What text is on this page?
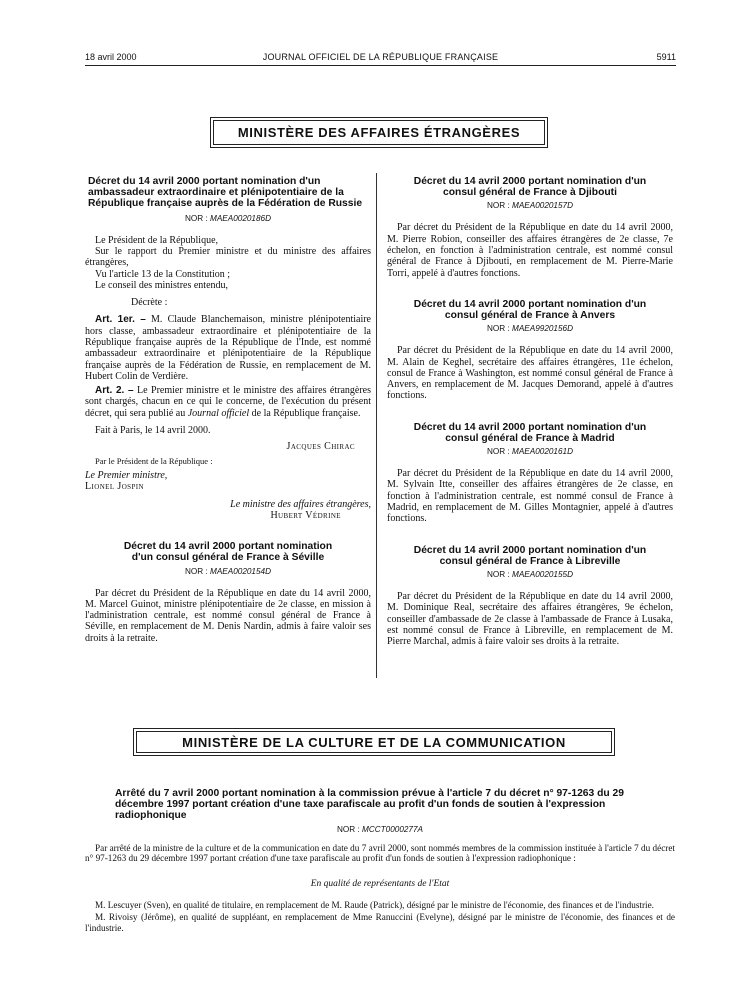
18 avril 2000	JOURNAL OFFICIEL DE LA RÉPUBLIQUE FRANÇAISE	5911
MINISTÈRE DES AFFAIRES ÉTRANGÈRES
Décret du 14 avril 2000 portant nomination d'un ambassadeur extraordinaire et plénipotentiaire de la République française auprès de la Fédération de Russie
NOR : MAEA0020186D
Le Président de la République,
Sur le rapport du Premier ministre et du ministre des affaires étrangères,
Vu l'article 13 de la Constitution ;
Le conseil des ministres entendu,
Décrète :
Art. 1er. – M. Claude Blanchemaison, ministre plénipotentiaire hors classe, ambassadeur extraordinaire et plénipotentiaire de la République française auprès de la République de l'Inde, est nommé ambassadeur extraordinaire et plénipotentiaire de la République française auprès de la Fédération de Russie, en remplacement de M. Hubert Colin de Verdière.
Art. 2. – Le Premier ministre et le ministre des affaires étrangères sont chargés, chacun en ce qui le concerne, de l'exécution du présent décret, qui sera publié au Journal officiel de la République française.
Fait à Paris, le 14 avril 2000.
Jacques Chirac
Par le Président de la République :
Le Premier ministre,
Lionel Jospin
Le ministre des affaires étrangères,
Hubert Védrine
Décret du 14 avril 2000 portant nomination d'un consul général de France à Séville
NOR : MAEA0020154D
Par décret du Président de la République en date du 14 avril 2000, M. Marcel Guinot, ministre plénipotentiaire de 2e classe, en mission à l'administration centrale, est nommé consul général de France à Séville, en remplacement de M. Denis Nardin, admis à faire valoir ses droits à la retraite.
Décret du 14 avril 2000 portant nomination d'un consul général de France à Djibouti
NOR : MAEA0020157D
Par décret du Président de la République en date du 14 avril 2000, M. Pierre Robion, conseiller des affaires étrangères de 2e classe, 7e échelon, en fonction à l'administration centrale, est nommé consul général de France à Djibouti, en remplacement de M. Pierre-Marie Torri, appelé à d'autres fonctions.
Décret du 14 avril 2000 portant nomination d'un consul général de France à Anvers
NOR : MAEA9920156D
Par décret du Président de la République en date du 14 avril 2000, M. Alain de Keghel, secrétaire des affaires étrangères, 11e échelon, consul de France à Washington, est nommé consul général de France à Anvers, en remplacement de M. Jacques Demorand, appelé à d'autres fonctions.
Décret du 14 avril 2000 portant nomination d'un consul général de France à Madrid
NOR : MAEA0020161D
Par décret du Président de la République en date du 14 avril 2000, M. Sylvain Itte, conseiller des affaires étrangères de 2e classe, en fonction à l'administration centrale, est nommé consul de France à Madrid, en remplacement de M. Gilles Montagnier, appelé à d'autres fonctions.
Décret du 14 avril 2000 portant nomination d'un consul général de France à Libreville
NOR : MAEA0020155D
Par décret du Président de la République en date du 14 avril 2000, M. Dominique Real, secrétaire des affaires étrangères, 9e échelon, conseiller d'ambassade de 2e classe à l'ambassade de France à Lusaka, est nommé consul de France à Libreville, en remplacement de M. Pierre Marchal, admis à faire valoir ses droits à la retraite.
MINISTÈRE DE LA CULTURE ET DE LA COMMUNICATION
Arrêté du 7 avril 2000 portant nomination à la commission prévue à l'article 7 du décret n° 97-1263 du 29 décembre 1997 portant création d'une taxe parafiscale au profit d'un fonds de soutien à l'expression radiophonique
NOR : MCCT0000277A
Par arrêté de la ministre de la culture et de la communication en date du 7 avril 2000, sont nommés membres de la commission instituée à l'article 7 du décret n° 97-1263 du 29 décembre 1997 portant création d'une taxe parafiscale au profit d'un fonds de soutien à l'expression radiophonique :
En qualité de représentants de l'Etat
M. Lescuyer (Sven), en qualité de titulaire, en remplacement de M. Raude (Patrick), désigné par le ministre de l'économie, des finances et de l'industrie.
M. Rivoisy (Jérôme), en qualité de suppléant, en remplacement de Mme Ranuccini (Evelyne), désigné par le ministre de l'économie, des finances et de l'industrie.
